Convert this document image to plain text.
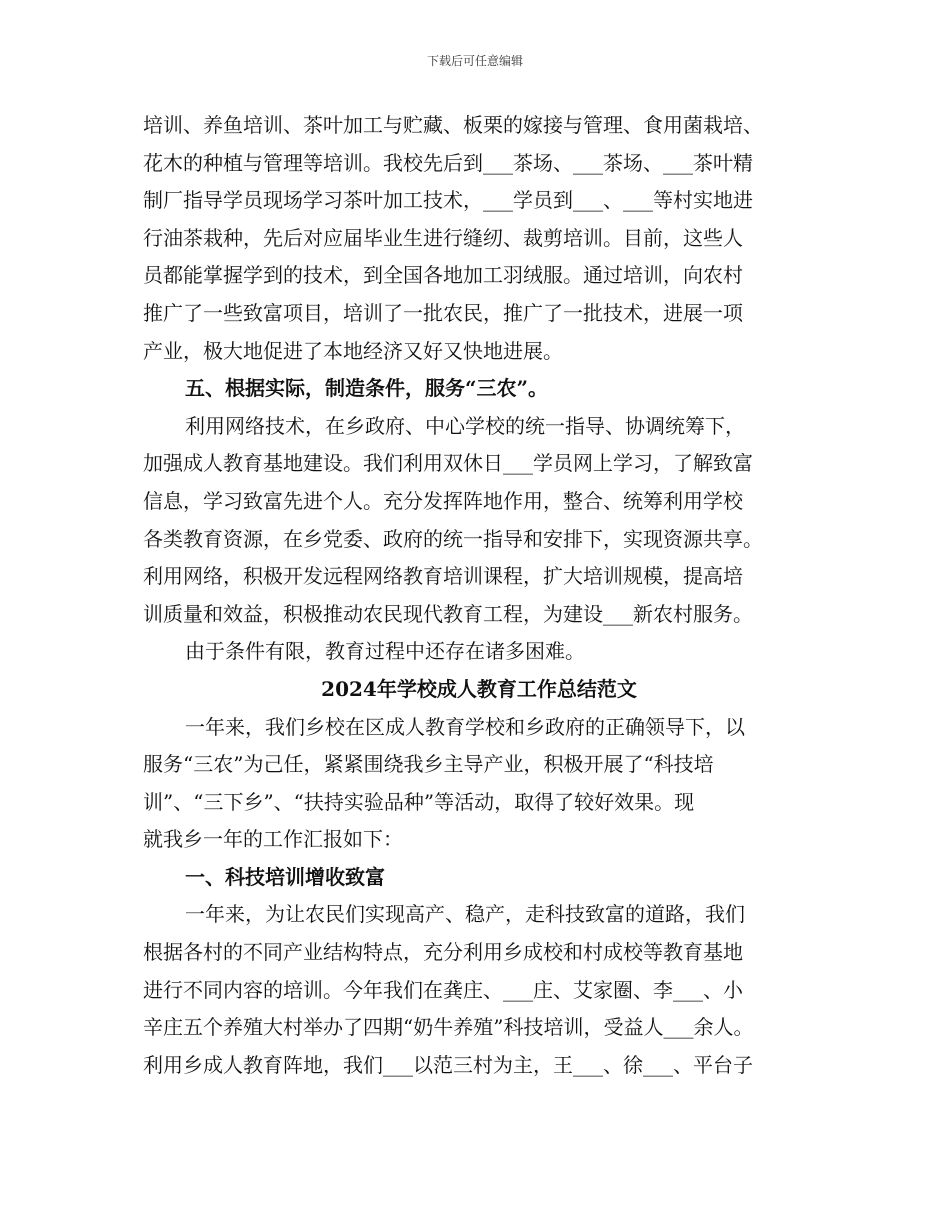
下载后可任意编辑
培训、养鱼培训、茶叶加工与贮藏、板栗的嫁接与管理、食用菌栽培、
花木的种植与管理等培训。我校先后到___茶场、___茶场、___茶叶精
制厂指导学员现场学习茶叶加工技术，___学员到___、___等村实地进
行油茶栽种，先后对应届毕业生进行缝纫、裁剪培训。目前，这些人
员都能掌握学到的技术，到全国各地加工羽绒服。通过培训，向农村
推广了一些致富项目，培训了一批农民，推广了一批技术，进展一项
产业，极大地促进了本地经济又好又快地进展。
五、根据实际，制造条件，服务“三农”。
利用网络技术，在乡政府、中心学校的统一指导、协调统筹下，
加强成人教育基地建设。我们利用双休日___学员网上学习，了解致富
信息，学习致富先进个人。充分发挥阵地作用，整合、统筹利用学校
各类教育资源，在乡党委、政府的统一指导和安排下，实现资源共享。
利用网络，积极开发远程网络教育培训课程，扩大培训规模，提高培
训质量和效益，积极推动农民现代教育工程，为建设___新农村服务。
由于条件有限，教育过程中还存在诸多困难。
2024年学校成人教育工作总结范文
一年来，我们乡校在区成人教育学校和乡政府的正确领导下，以
服务“三农”为己任，紧紧围绕我乡主导产业，积极开展了“科技培
训”、“三下乡”、“扶持实验品种”等活动，取得了较好效果。现
就我乡一年的工作汇报如下：
一、科技培训增收致富
一年来，为让农民们实现高产、稳产，走科技致富的道路，我们
根据各村的不同产业结构特点，充分利用乡成校和村成校等教育基地
进行不同内容的培训。今年我们在龚庄、___庄、艾家圈、李___、小
辛庄五个养殖大村举办了四期“奶牛养殖”科技培训，受益人___余人。
利用乡成人教育阵地，我们___以范三村为主，王___、徐___、平台子
